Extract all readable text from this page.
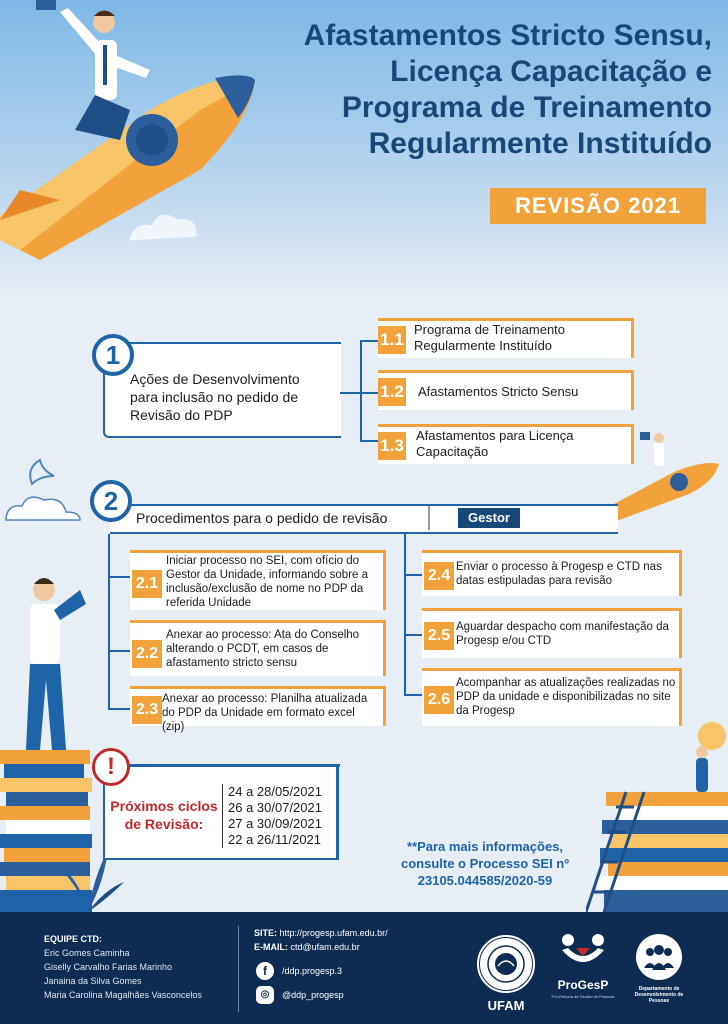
Afastamentos Stricto Sensu,
Licença Capacitação e
Programa de Treinamento
Regularmente Instituído
REVISÃO 2021
1
Ações de Desenvolvimento para inclusão no pedido de Revisão do PDP
1.1
Programa de Treinamento Regularmente Instituído
1.2 Afastamentos Stricto Sensu
1.3
Afastamentos para Licença Capacitação
2
Procedimentos para o pedido de revisão	Gestor
2.1
Iniciar processo no SEI, com ofício do Gestor da Unidade, informando sobre a inclusão/exclusão de nome no PDP da referida Unidade
2.2
Anexar ao processo: Ata do Conselho alterando o PCDT, em casos de afastamento stricto sensu
2.3
Anexar ao processo: Planilha atualizada do PDP da Unidade em formato excel (zip)
2.4 Enviar o processo à Progesp e CTD nas datas estipuladas para revisão
2.5 Aguardar despacho com manifestação da Progesp e/ou CTD
2.6
Acompanhar as atualizações realizadas no PDP da unidade e disponibilizadas no site da Progesp
!
Próximos ciclos de Revisão:
24 a 28/05/2021
26 a 30/07/2021
27 a 30/09/2021
22 a 26/11/2021	**Para mais informações, consulte o Processo SEI nº 23105.044585/2020-59
EQUIPE CTD:
Eric Gomes Caminha
Giselly Carvalho Farias Marinho
Janaina da Silva Gomes
Maria Carolina Magalhães Vasconcelos
SITE: http://progesp.ufam.edu.br/
E-MAIL: ctd@ufam.edu.br
f	/ddp.progesp.3
◎	@ddp_progesp
UFAM
ProGesP
Pró-Reitoria de Gestão de Pessoas
Departamento de Desenvolvimento de Pessoas
